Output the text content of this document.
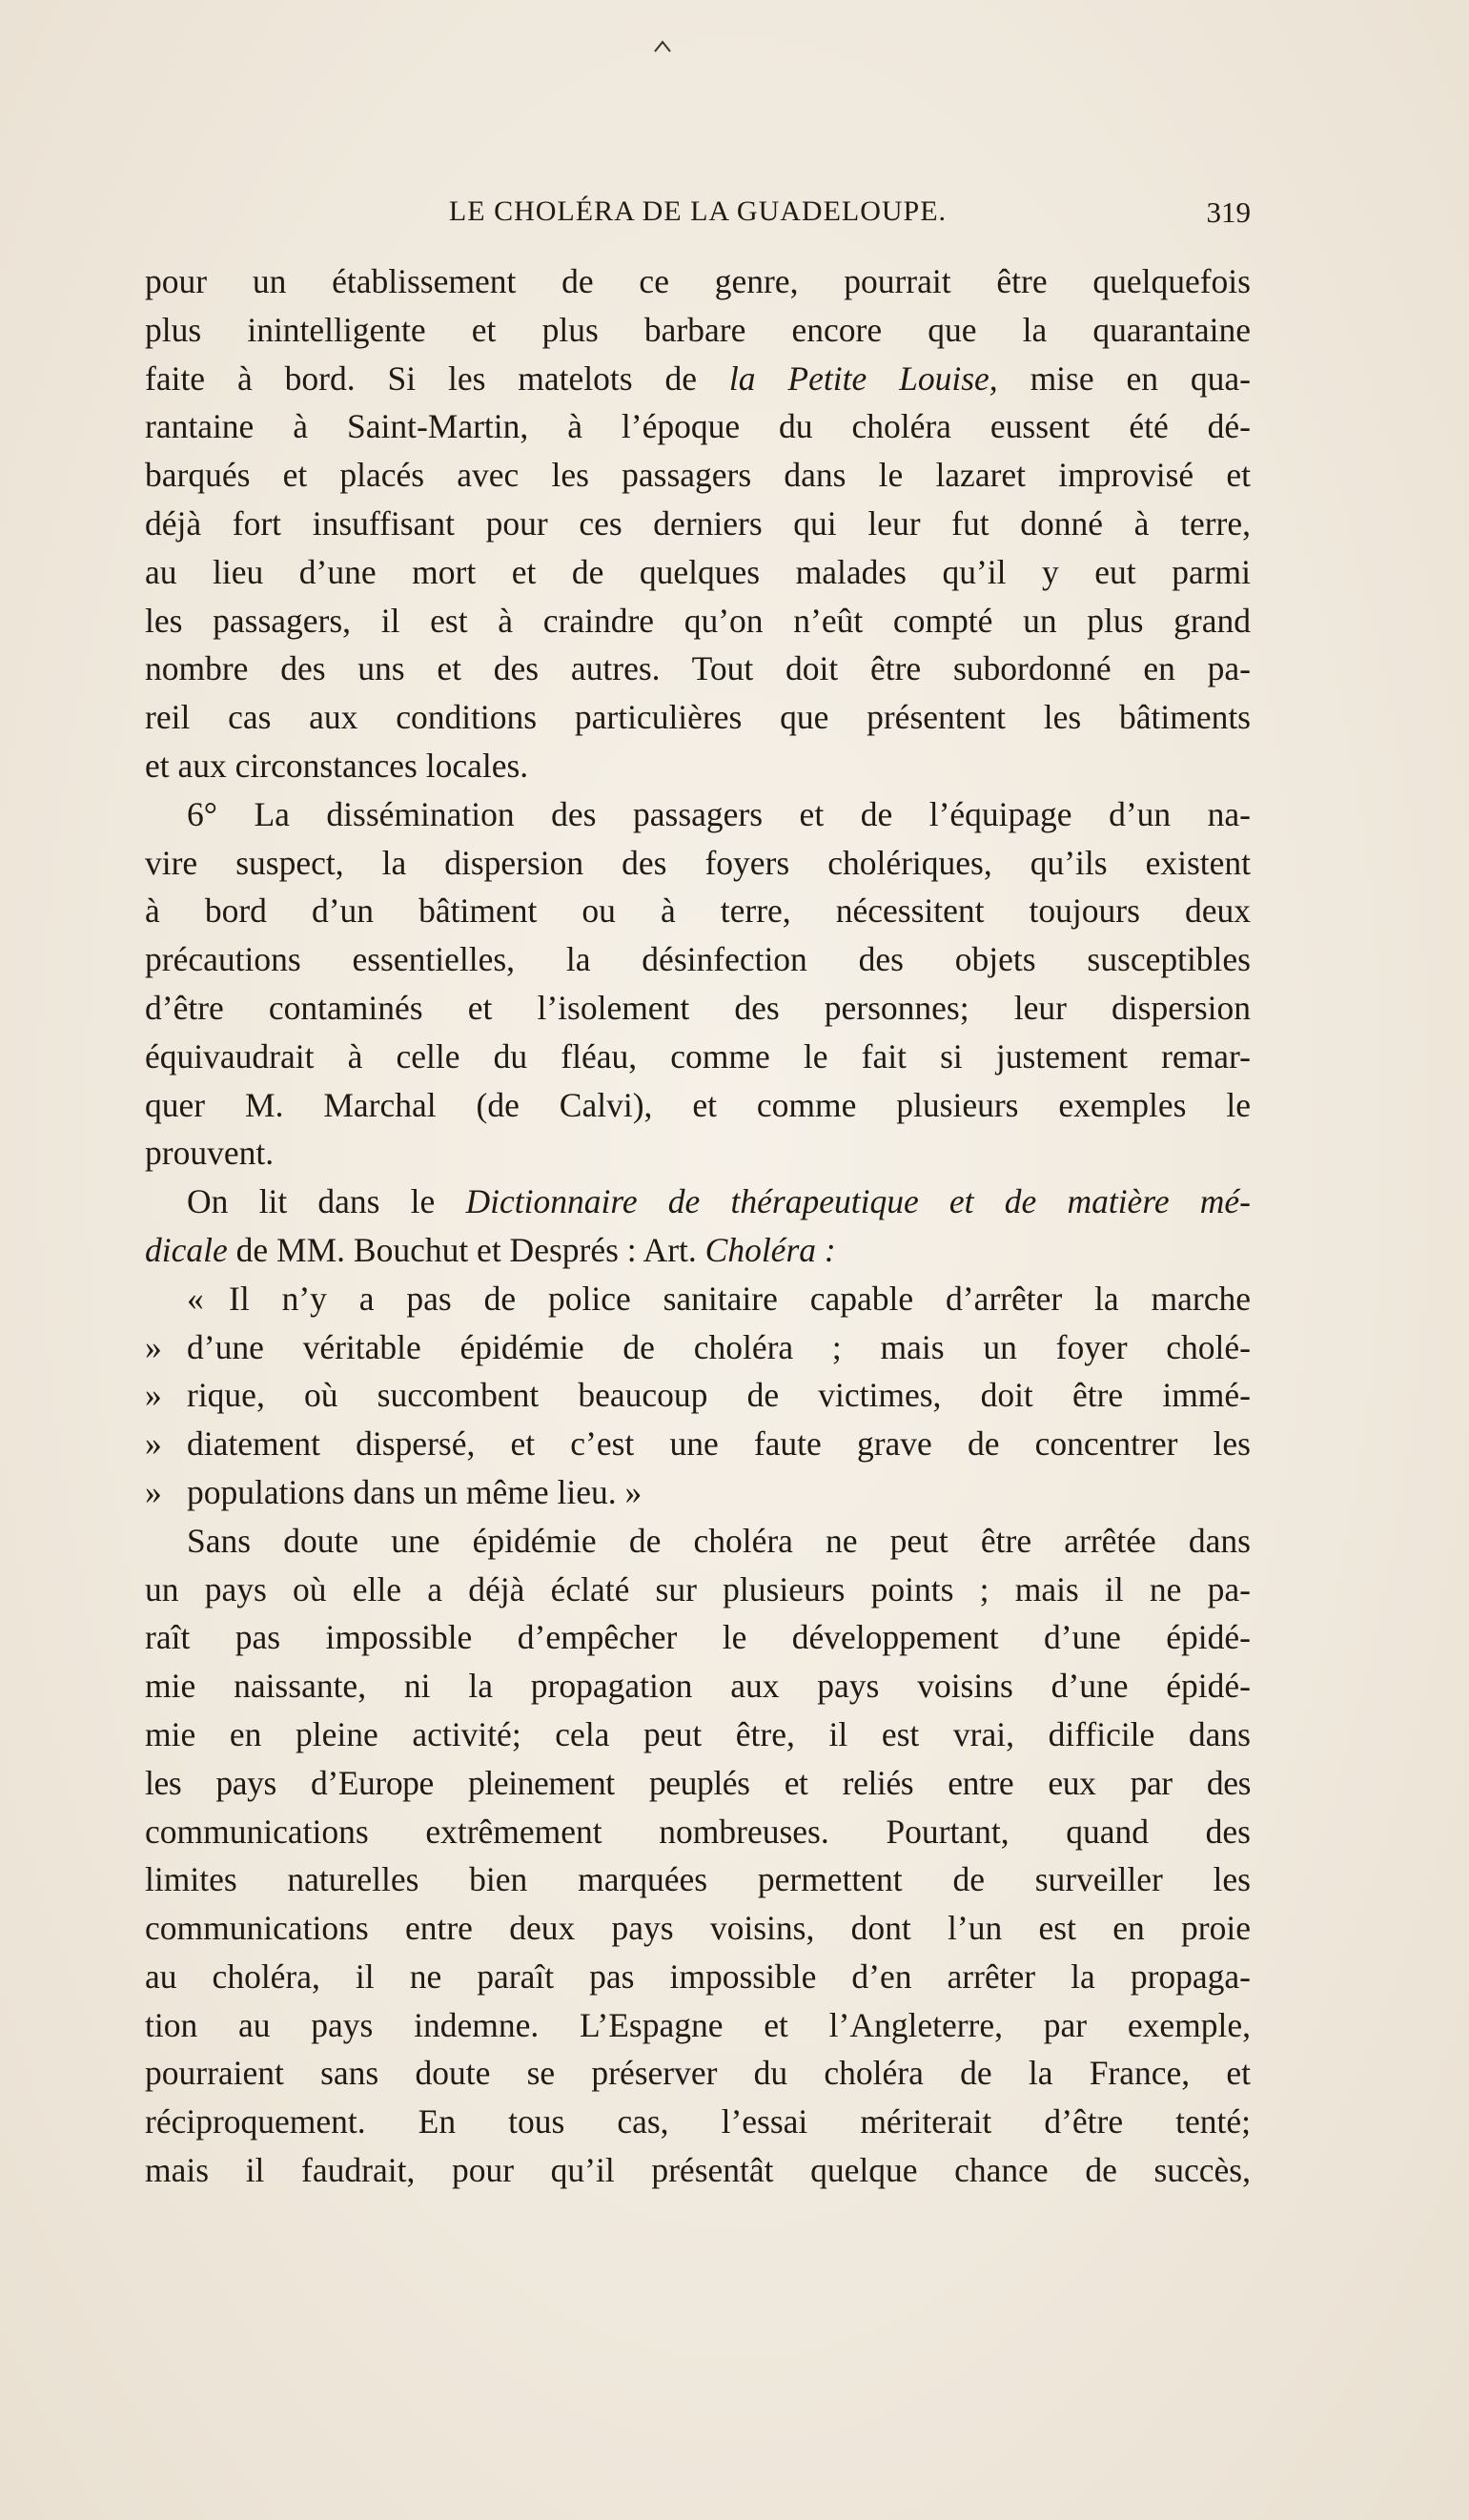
LE CHOLÉRA DE LA GUADELOUPE.	319
pour un établissement de ce genre, pourrait être quelquefois
plus inintelligente et plus barbare encore que la quarantaine
faite à bord. Si les matelots de la Petite Louise, mise en qua-
rantaine à Saint-Martin, à l’époque du choléra eussent été dé-
barqués et placés avec les passagers dans le lazaret improvisé et
déjà fort insuffisant pour ces derniers qui leur fut donné à terre,
au lieu d’une mort et de quelques malades qu’il y eut parmi
les passagers, il est à craindre qu’on n’eût compté un plus grand
nombre des uns et des autres. Tout doit être subordonné en pa-
reil cas aux conditions particulières que présentent les bâtiments
et aux circonstances locales.
6° La dissémination des passagers et de l’équipage d’un na-
vire suspect, la dispersion des foyers cholériques, qu’ils existent
à bord d’un bâtiment ou à terre, nécessitent toujours deux
précautions essentielles, la désinfection des objets susceptibles
d’être contaminés et l’isolement des personnes; leur dispersion
équivaudrait à celle du fléau, comme le fait si justement remar-
quer M. Marchal (de Calvi), et comme plusieurs exemples le
prouvent.
On lit dans le Dictionnaire de thérapeutique et de matière mé-
dicale de MM. Bouchut et Després : Art. Choléra :
« Il n’y a pas de police sanitaire capable d’arrêter la marche
» d’une véritable épidémie de choléra ; mais un foyer cholé-
» rique, où succombent beaucoup de victimes, doit être immé-
» diatement dispersé, et c’est une faute grave de concentrer les
» populations dans un même lieu. »
Sans doute une épidémie de choléra ne peut être arrêtée dans
un pays où elle a déjà éclaté sur plusieurs points ; mais il ne pa-
raît pas impossible d’empêcher le développement d’une épidé-
mie naissante, ni la propagation aux pays voisins d’une épidé-
mie en pleine activité; cela peut être, il est vrai, difficile dans
les pays d’Europe pleinement peuplés et reliés entre eux par des
communications extrêmement nombreuses. Pourtant, quand des
limites naturelles bien marquées permettent de surveiller les
communications entre deux pays voisins, dont l’un est en proie
au choléra, il ne paraît pas impossible d’en arrêter la propaga-
tion au pays indemne. L’Espagne et l’Angleterre, par exemple,
pourraient sans doute se préserver du choléra de la France, et
réciproquement. En tous cas, l’essai mériterait d’être tenté;
mais il faudrait, pour qu’il présentât quelque chance de succès,
